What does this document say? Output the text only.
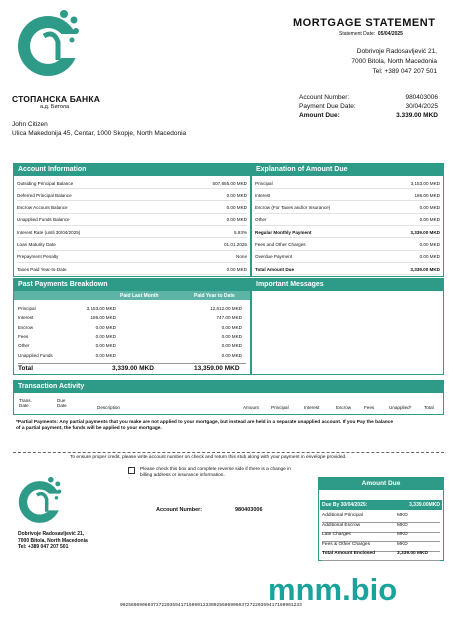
СТОПАНСКА БАНКА
а.д. Битола
MORTGAGE STATEMENT
Statement Date: 05/04/2025
Dobrivoje Radosavljević 21,
7000 Bitola, North Macedonia
Tel: +389 047 207 501
Account Number:	980403006
Payment Due Date:	30/04/2025
Amount Due:	3.339.00 MKD
John Citizen
Ulica Makedonija 45, Centar, 1000 Skopje, North Macedonia
Account Information
Outsiding Principal Balance	507,855.00 MKD
Deferred Principal Balance	0.00 MKD
Escrow Account Balance	0.00 MKD
Unapplied Funds Balance	0.00 MKD
Interest Rate (until 30/04/2025)	5.93%
Loan Maturity Date	01.01.2025
Prepayment Penalty	None
Taxes Paid Year-to-Date	0.00 MKD
Explanation of Amount Due
Principal	3,153.00 MKD
Interest	186.00 MKD
Escrow (For Taxes and/or Insurance)	0.00 MKD
Other	0.00 MKD
Regular Monthly Payment	3,339.00 MKD
Fees and Other Charges	0.00 MKD
Overdue Payment	0.00 MKD
Total Amount Due	3,339.00 MKD
Past Payments Breakdown
Paid Last Month	Paid Year to Date
Principal	3,153.00 MKD	12,612.00 MKD
Interest	186.00 MKD	747.00 MKD
Escrow	0.00 MKD	0.00 MKD
Fees	0.00 MKD	0.00 MKD
Other	0.00 MKD	0.00 MKD
Unapplied Funds	0.00 MKD	0.00 MKD
Total	3,339.00 MKD	13,359.00 MKD
Important Messages
Transaction Activity
Trans.
Date
Due
Date	Description	Amount	Principal	Interest	Escrow	Fees	Unapplied*	Total
*Partial Payments: Any partial payments that you make are not applied to your mortgage, but instead are held in a separate unapplied account. If you Pay the balance of a partial payment, the funds will be applied to your mortgage.
To ensure proper credit, please write account number on check and return this stub along with your payment in envelope provided.
Please check this box and complete reverse side if there is a change in billing address or insurance information.
Dobrivoje Radosavljević 21,
7000 Bitola, North Macedonia
Tel: +389 047 207 501
Account Number:	980403006
Amount Due
Due By 30/04/2025:	3,339.00MKD
Additional Principal	MKD
Additional Escrow	MKD
Late Charges	MKD
Fees & Other Charges	MKD
Total Amount Enclosed	3,339.00 MKD
mnm.bio
002560690603727220359417160901233002560690603727220359417160901233
